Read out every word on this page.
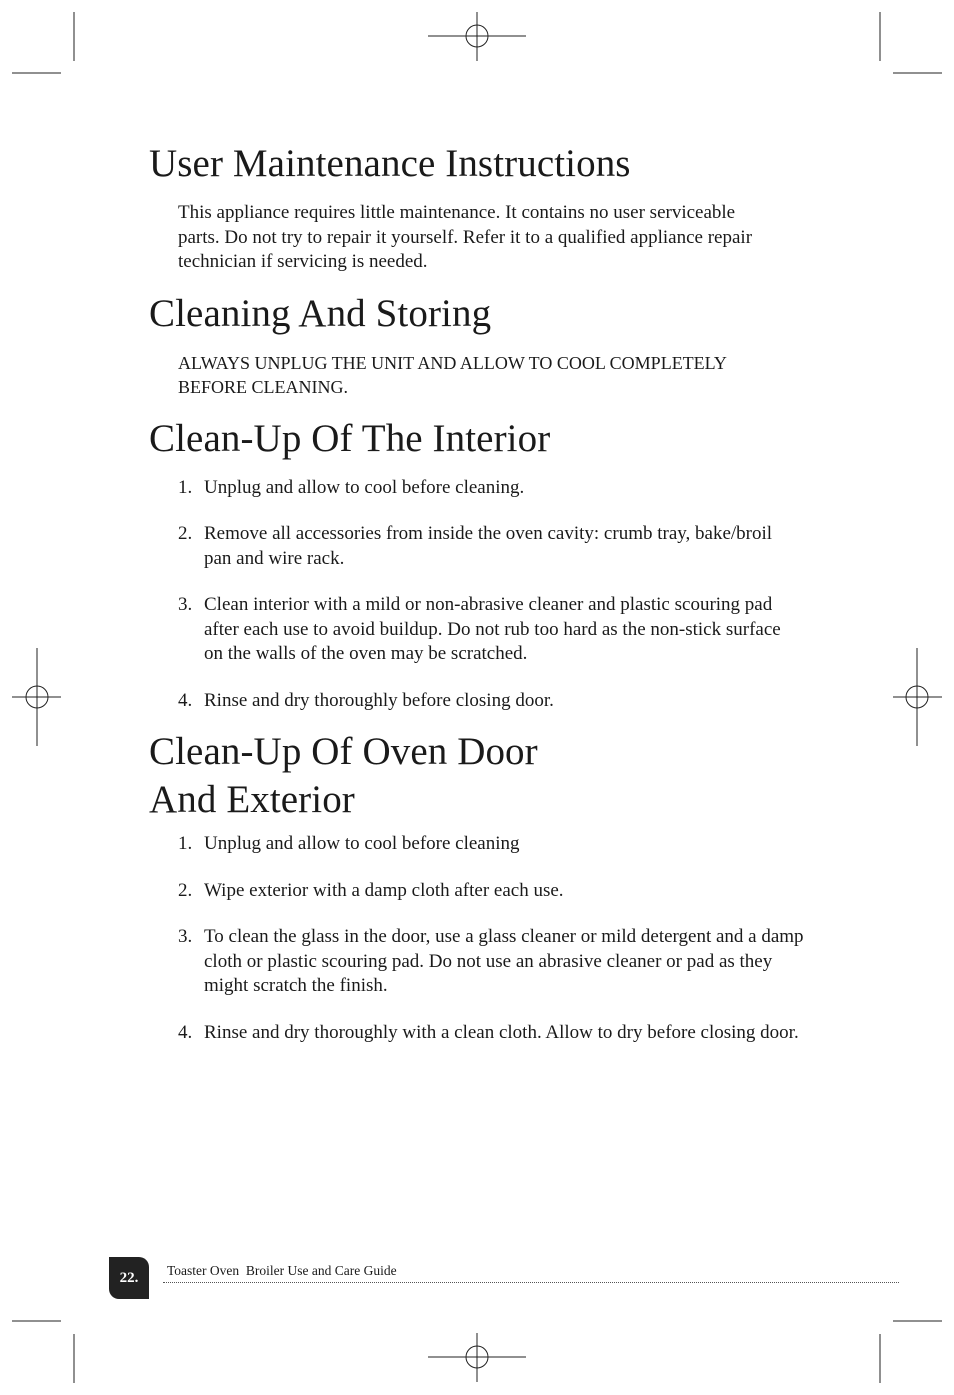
User Maintenance Instructions

This appliance requires little maintenance. It contains no user serviceable parts. Do not try to repair it yourself. Refer it to a qualified appliance repair technician if servicing is needed.

Cleaning And Storing

ALWAYS UNPLUG THE UNIT AND ALLOW TO COOL COMPLETELY BEFORE CLEANING.

Clean-Up Of The Interior
1. Unplug and allow to cool before cleaning.
2. Remove all accessories from inside the oven cavity: crumb tray, bake/broil pan and wire rack.
3. Clean interior with a mild or non-abrasive cleaner and plastic scouring pad after each use to avoid buildup. Do not rub too hard as the non-stick surface on the walls of the oven may be scratched.
4. Rinse and dry thoroughly before closing door.
Clean-Up Of Oven Door
And Exterior
1. Unplug and allow to cool before cleaning
2. Wipe exterior with a damp cloth after each use.
3. To clean the glass in the door, use a glass cleaner or mild detergent and a damp cloth or plastic scouring pad. Do not use an abrasive cleaner or pad as they might scratch the finish.
4. Rinse and dry thoroughly with a clean cloth. Allow to dry before closing door.
22.	Toaster Oven  Broiler Use and Care Guide
